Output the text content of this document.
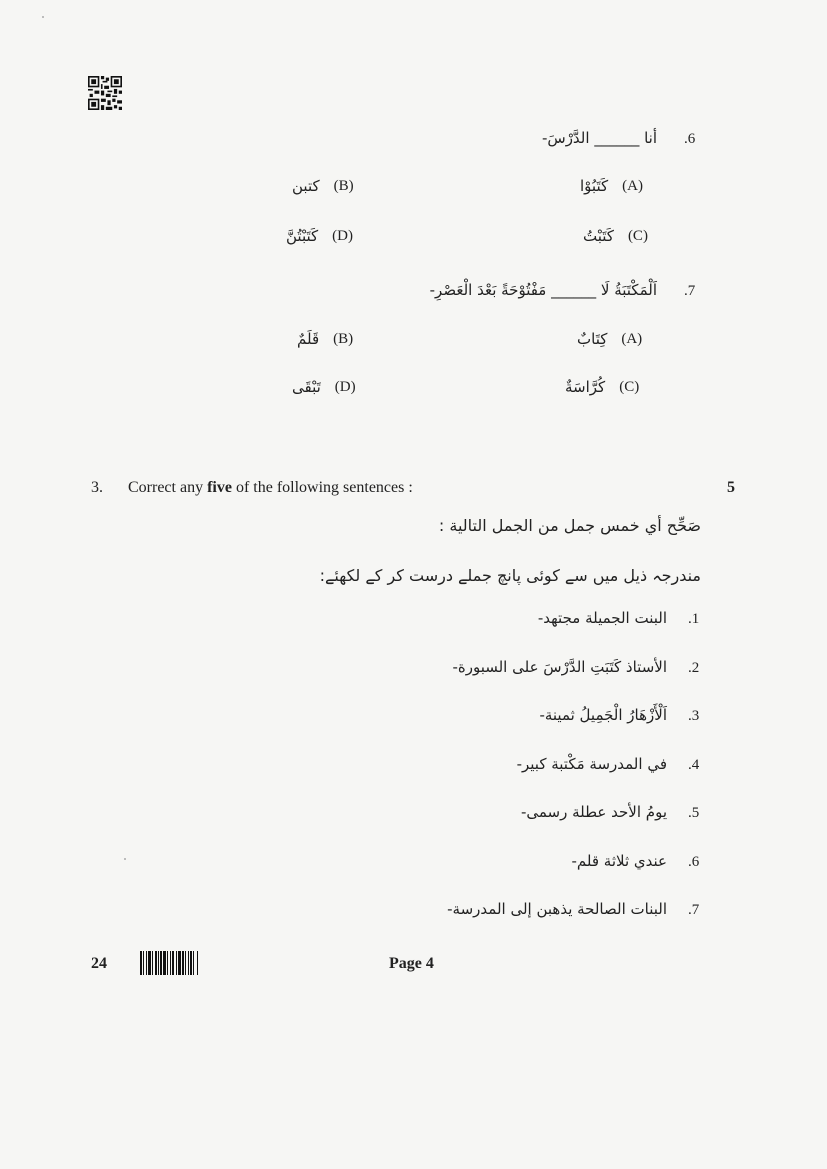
.6
أنا ______ الدَّرْسَ-
كَتَبُوْا (A)
كتبن (B)
كَتَبْتُ (C)
كَتَبْتُنَّ (D)
.7
اَلْمَكْتَبَةُ لَا ______ مَفْتُوْحَةً بَعْدَ الْعَصْرِ-
كِتَابٌ (A)
قَلَمٌ (B)
كُرَّاسَةٌ (C)
تَبْقَى (D)
3. Correct any five of the following sentences :	5
صَحِّح أي خمس جمل من الجمل التالية :
مندرجہ ذیل میں سے کوئی پانچ جملے درست کر کے لکھئے:
.1
البنت الجميلة مجتهد-
.2
الأستاذ كَتَبَتِ الدَّرْسَ على السبورة-
.3
اَلْأَزْهَارُ الْجَمِيلُ ثمينة-
.4
في المدرسة مَكْتبة كبير-
.5
يومُ الأحد عطلة رسمى-
.6
عندي ثلاثة قلم-
.7
البنات الصالحة يذهبن إلى المدرسة-
24	Page 4
